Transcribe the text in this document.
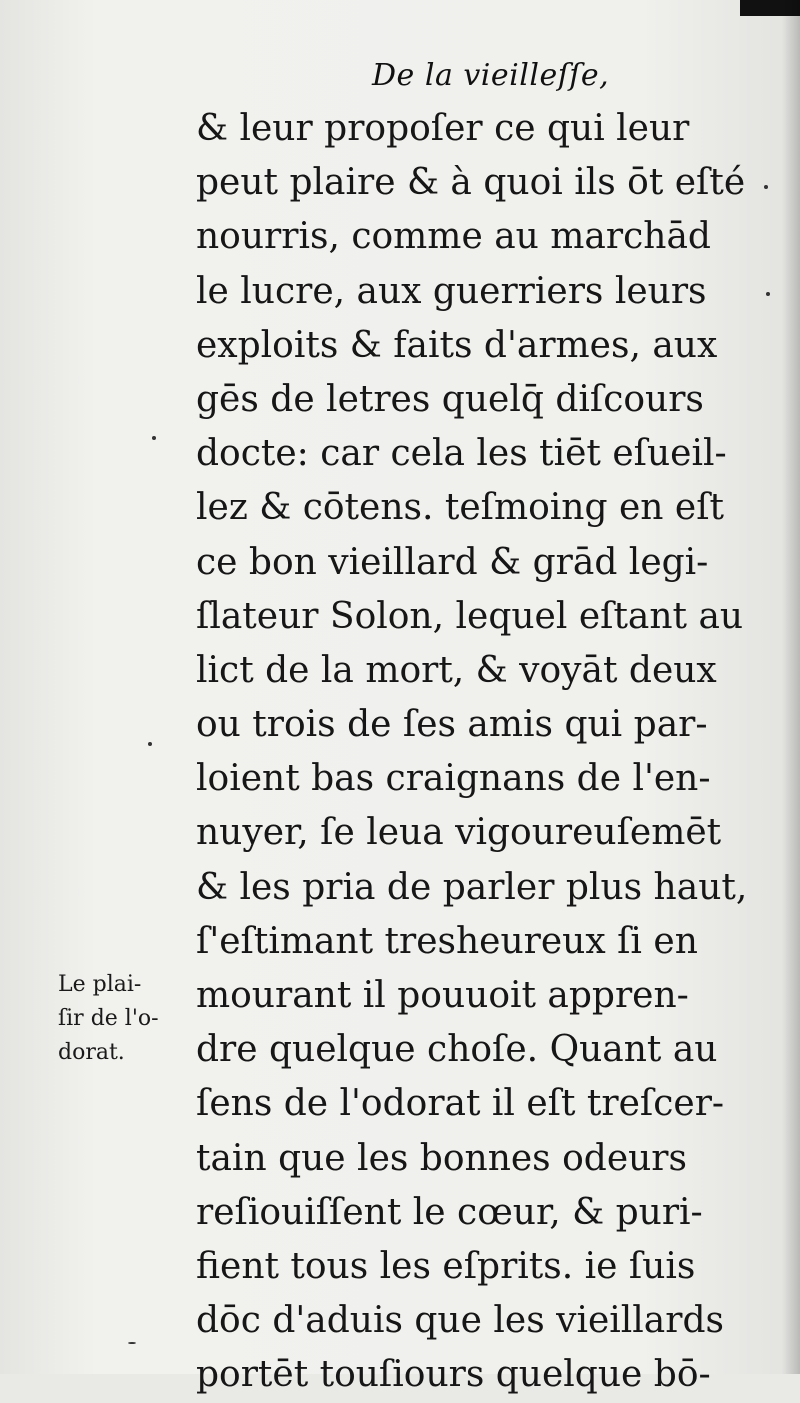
De la vieilleſſe,
& leur propoſer ce qui leur
peut plaire & à quoi ils ōt eſté
nourris, comme au marchād
le lucre, aux guerriers leurs
exploits & faits d'armes, aux
gēs de letres quelq̄ diſcours
docte: car cela les tiēt eſueil-
lez & cōtens. teſmoing en eſt
ce bon vieillard & grād legi-
ſlateur Solon, lequel eſtant au
lict de la mort, & voyāt deux
ou trois de ſes amis qui par-
loient bas craignans de l'en-
nuyer, ſe leua vigoureuſemēt
& les pria de parler plus haut,
ſ'eſtimant tresheureux ſi en
mourant il pouuoit appren-
dre quelque choſe. Quant au
ſens de l'odorat il eſt treſcer-
tain que les bonnes odeurs
reſiouiſſent le cœur, & puri-
fient tous les eſprits. ie ſuis
dōc d'aduis que les vieillards
portēt touſiours quelque bō-
Le plai-
ſir de l'o-
dorat.
